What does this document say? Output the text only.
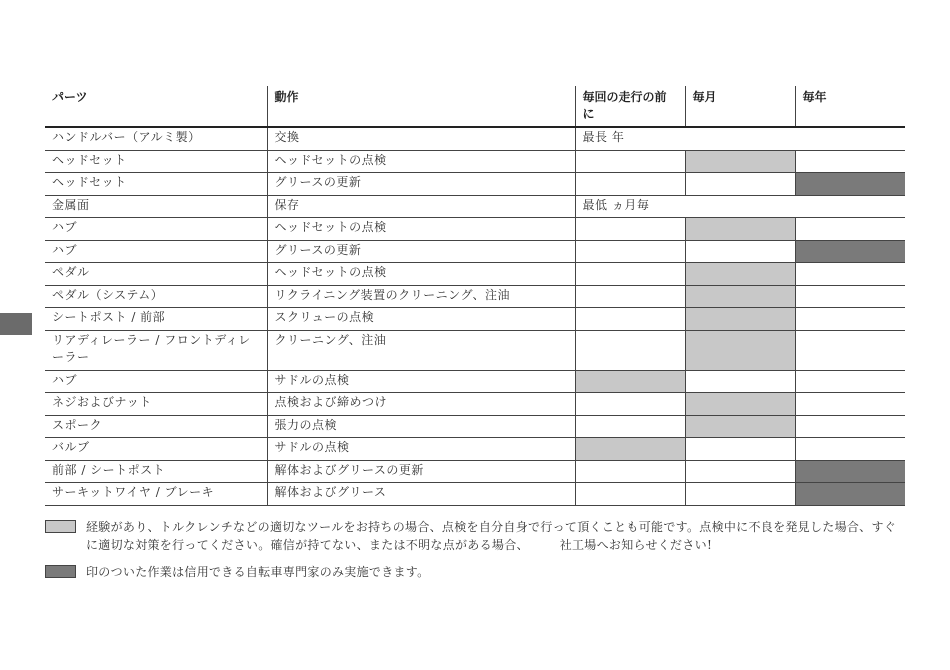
パーツ	動作	毎回の走行の前に	毎月	毎年
ハンドルバー（アルミ製）	交換	最長 年		
ヘッドセット	ヘッドセットの点検			
ヘッドセット	グリースの更新			
金属面	保存	最低 ヵ月毎		
ハブ	ヘッドセットの点検			
ハブ	グリースの更新			
ペダル	ヘッドセットの点検			
ペダル（システム）	リクライニング装置のクリーニング、注油			
シートポスト / 前部	スクリューの点検			
リアディレーラー / フロントディレーラー	クリーニング、注油			
ハブ	サドルの点検			
ネジおよびナット	点検および締めつけ			
スポーク	張力の点検			
バルブ	サドルの点検			
前部 / シートポスト	解体およびグリースの更新			
サーキットワイヤ / ブレーキ	解体およびグリース			
経験があり、トルクレンチなどの適切なツールをお持ちの場合、点検を自分自身で行って頂くことも可能です。点検中に不良を発見した場合、すぐに適切な対策を行ってください。確信が持てない、または不明な点がある場合、　　　社工場へお知らせください!
印のついた作業は信用できる自転車専門家のみ実施できます。
